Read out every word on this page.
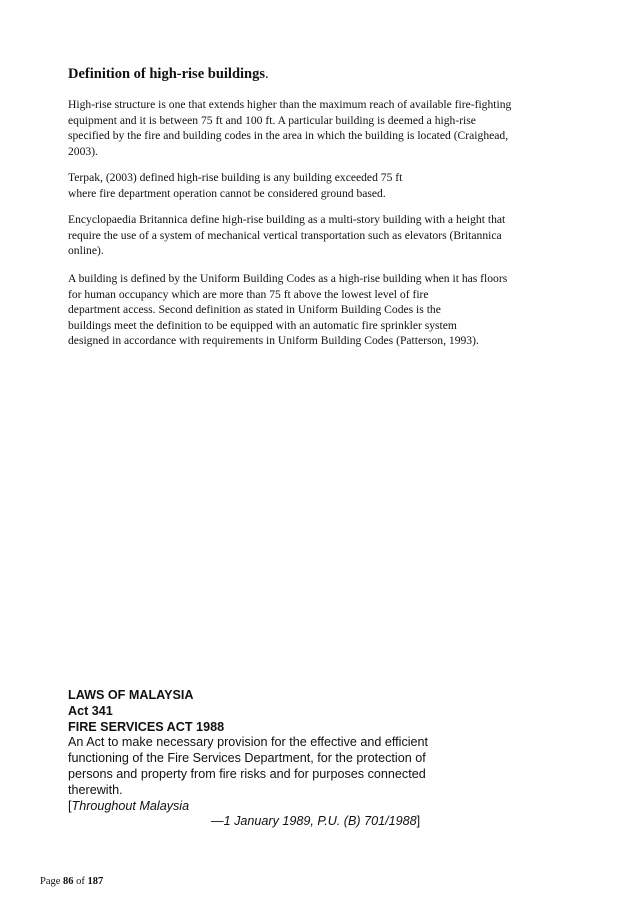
Definition of high-rise buildings.
High-rise structure is one that extends higher than the maximum reach of available fire-fighting
equipment and it is between 75 ft and 100 ft. A particular building is deemed a high-rise
specified by the fire and building codes in the area in which the building is located (Craighead,
2003).
Terpak, (2003) defined high-rise building is any building exceeded 75 ft
where fire department operation cannot be considered ground based.
Encyclopaedia Britannica define high-rise building as a multi-story building with a height that
require the use of a system of mechanical vertical transportation such as elevators (Britannica
online).
A building is defined by the Uniform Building Codes as a high-rise building when it has floors
for human occupancy which are more than 75 ft above the lowest level of fire
department access. Second definition as stated in Uniform Building Codes is the
buildings meet the definition to be equipped with an automatic fire sprinkler system
designed in accordance with requirements in Uniform Building Codes (Patterson, 1993).
LAWS OF MALAYSIA
Act 341
FIRE SERVICES ACT 1988
An Act to make necessary provision for the effective and efficient
functioning of the Fire Services Department, for the protection of
persons and property from fire risks and for purposes connected
therewith.
[Throughout Malaysia
—1 January 1989, P.U. (B) 701/1988]
Page 86 of 187
